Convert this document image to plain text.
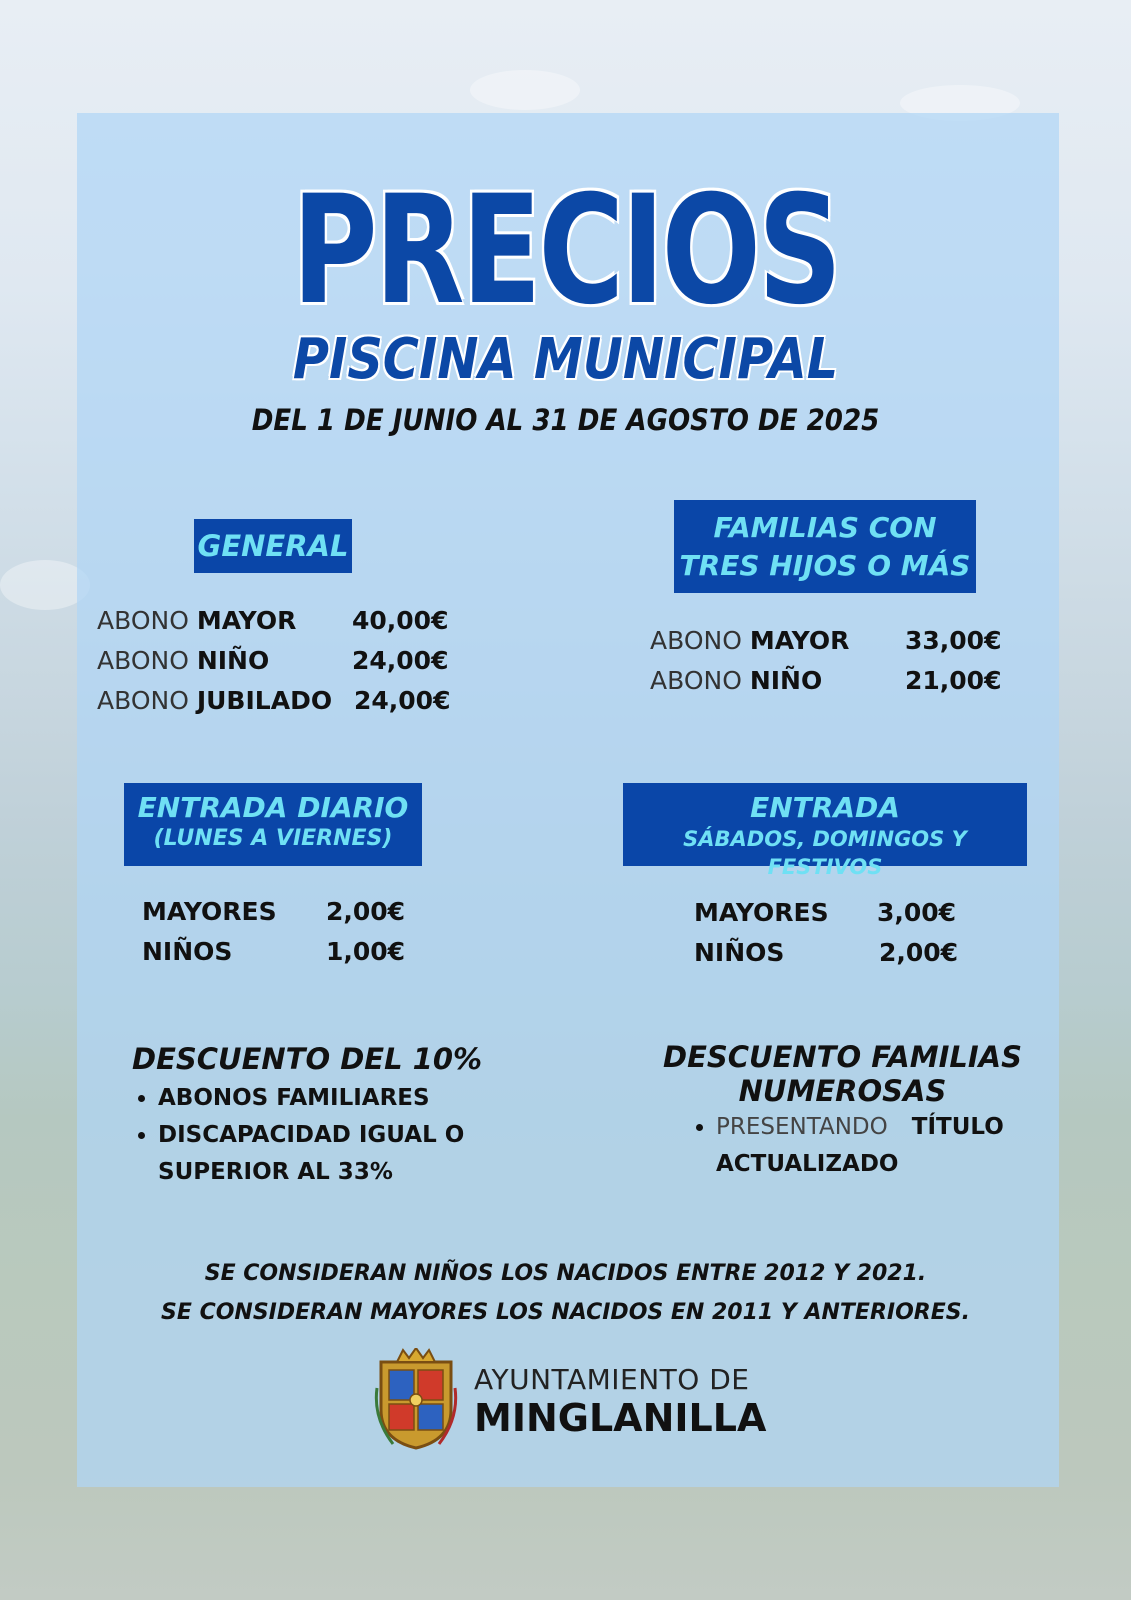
PRECIOS
PISCINA MUNICIPAL
DEL 1 DE JUNIO AL 31 DE AGOSTO DE 2025
GENERAL
ABONO MAYOR 40,00€
ABONO NIÑO	24,00€
ABONO JUBILADO 24,00€
FAMILIAS CON
TRES HIJOS O MÁS
ABONO MAYOR 33,00€
ABONO NIÑO	21,00€
ENTRADA DIARIO
(LUNES A VIERNES)
MAYORES 2,00€
NIÑOS	1,00€
ENTRADA
SÁBADOS, DOMINGOS Y FESTIVOS
MAYORES 3,00€
NIÑOS	2,00€
DESCUENTO DEL 10%
• ABONOS FAMILIARES
• DISCAPACIDAD IGUAL O SUPERIOR AL 33%
DESCUENTO FAMILIAS
NUMEROSAS
• PRESENTANDO TÍTULO ACTUALIZADO
SE CONSIDERAN NIÑOS LOS NACIDOS ENTRE 2012 Y 2021.
SE CONSIDERAN MAYORES LOS NACIDOS EN 2011 Y ANTERIORES.
AYUNTAMIENTO DE
MINGLANILLA
